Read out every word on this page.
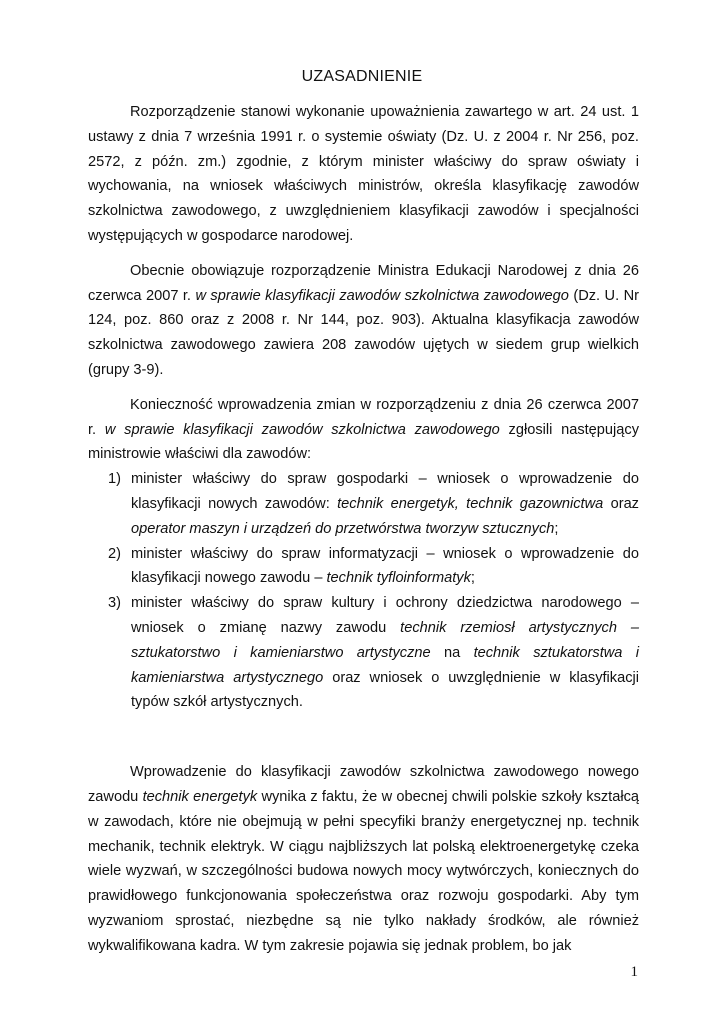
UZASADNIENIE

Rozporządzenie stanowi wykonanie upoważnienia zawartego w art. 24 ust. 1 ustawy z dnia 7 września 1991 r. o systemie oświaty (Dz. U. z 2004 r. Nr 256, poz. 2572, z późn. zm.) zgodnie, z którym minister właściwy do spraw oświaty i wychowania, na wniosek właściwych ministrów, określa klasyfikację zawodów szkolnictwa zawodowego, z uwzględnieniem klasyfikacji zawodów i specjalności występujących w gospodarce narodowej.

Obecnie obowiązuje rozporządzenie Ministra Edukacji Narodowej z dnia 26 czerwca 2007 r. w sprawie klasyfikacji zawodów szkolnictwa zawodowego (Dz. U. Nr 124, poz. 860 oraz z 2008 r. Nr 144, poz. 903). Aktualna klasyfikacja zawodów szkolnictwa zawodowego zawiera 208 zawodów ujętych w siedem grup wielkich (grupy 3-9).

Konieczność wprowadzenia zmian w rozporządzeniu z dnia 26 czerwca 2007 r. w sprawie klasyfikacji zawodów szkolnictwa zawodowego zgłosili następujący ministrowie właściwi dla zawodów:

1) minister właściwy do spraw gospodarki – wniosek o wprowadzenie do klasyfikacji nowych zawodów: technik energetyk, technik gazownictwa oraz operator maszyn i urządzeń do przetwórstwa tworzyw sztucznych;
2) minister właściwy do spraw informatyzacji – wniosek o wprowadzenie do klasyfikacji nowego zawodu – technik tyfloinformatyk;
3) minister właściwy do spraw kultury i ochrony dziedzictwa narodowego – wniosek o zmianę nazwy zawodu technik rzemiosł artystycznych – sztukatorstwo i kamieniarstwo artystyczne na technik sztukatorstwa i kamieniarstwa artystycznego oraz wniosek o uwzględnienie w klasyfikacji typów szkół artystycznych.

Wprowadzenie do klasyfikacji zawodów szkolnictwa zawodowego nowego zawodu technik energetyk wynika z faktu, że w obecnej chwili polskie szkoły kształcą w zawodach, które nie obejmują w pełni specyfiki branży energetycznej np. technik mechanik, technik elektryk. W ciągu najbliższych lat polską elektroenergetykę czeka wiele wyzwań, w szczególności budowa nowych mocy wytwórczych, koniecznych do prawidłowego funkcjonowania społeczeństwa oraz rozwoju gospodarki. Aby tym wyzwaniom sprostać, niezbędne są nie tylko nakłady środków, ale również wykwalifikowana kadra. W tym zakresie pojawia się jednak problem, bo jak

1
